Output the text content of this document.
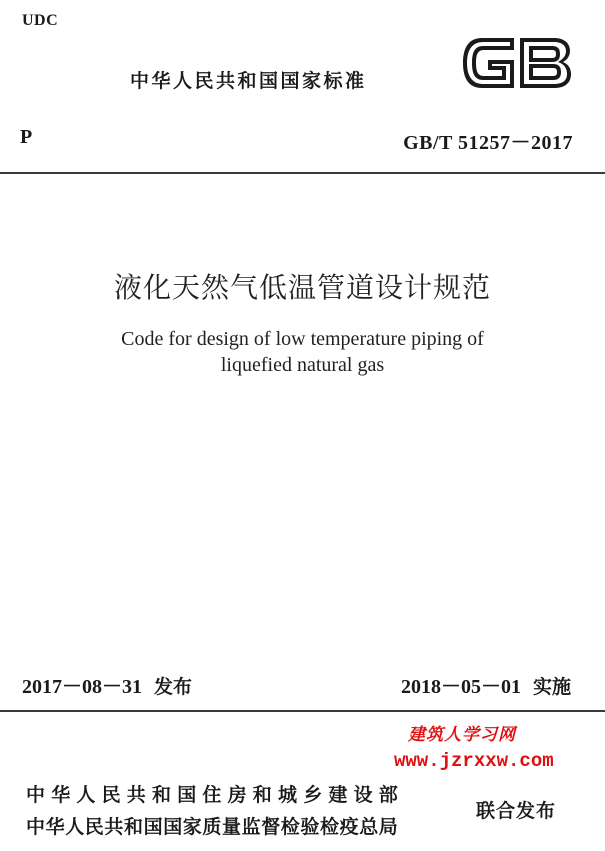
UDC
中华人民共和国国家标准
P	GB/T 51257－2017
液化天然气低温管道设计规范
Code for design of low temperature piping of
liquefied natural gas
2017－08－31 发布	2018－05－01 实施
建筑人学习网
www.jzrxxw.com
中华人民共和国住房和城乡建设部
中华人民共和国国家质量监督检验检疫总局
联合发布
